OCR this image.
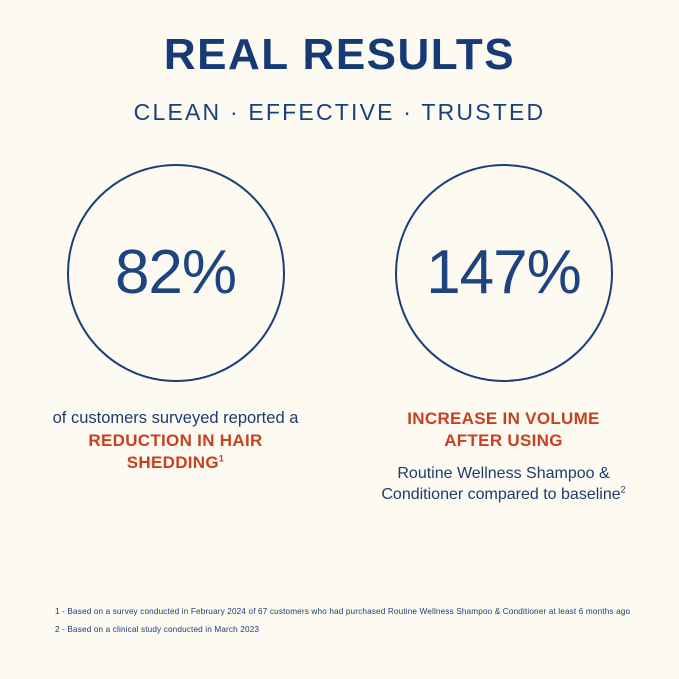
REAL RESULTS
CLEAN · EFFECTIVE · TRUSTED
82%
of customers surveyed reported a
REDUCTION IN HAIR
SHEDDING$^1$
147%
INCREASE IN VOLUME
AFTER USING
Routine Wellness Shampoo &
Conditioner compared to baseline$^2$
1 - Based on a survey conducted in February 2024 of 67 customers who had purchased Routine Wellness Shampoo & Conditioner at least 6 months ago
2 - Based on a clinical study conducted in March 2023
